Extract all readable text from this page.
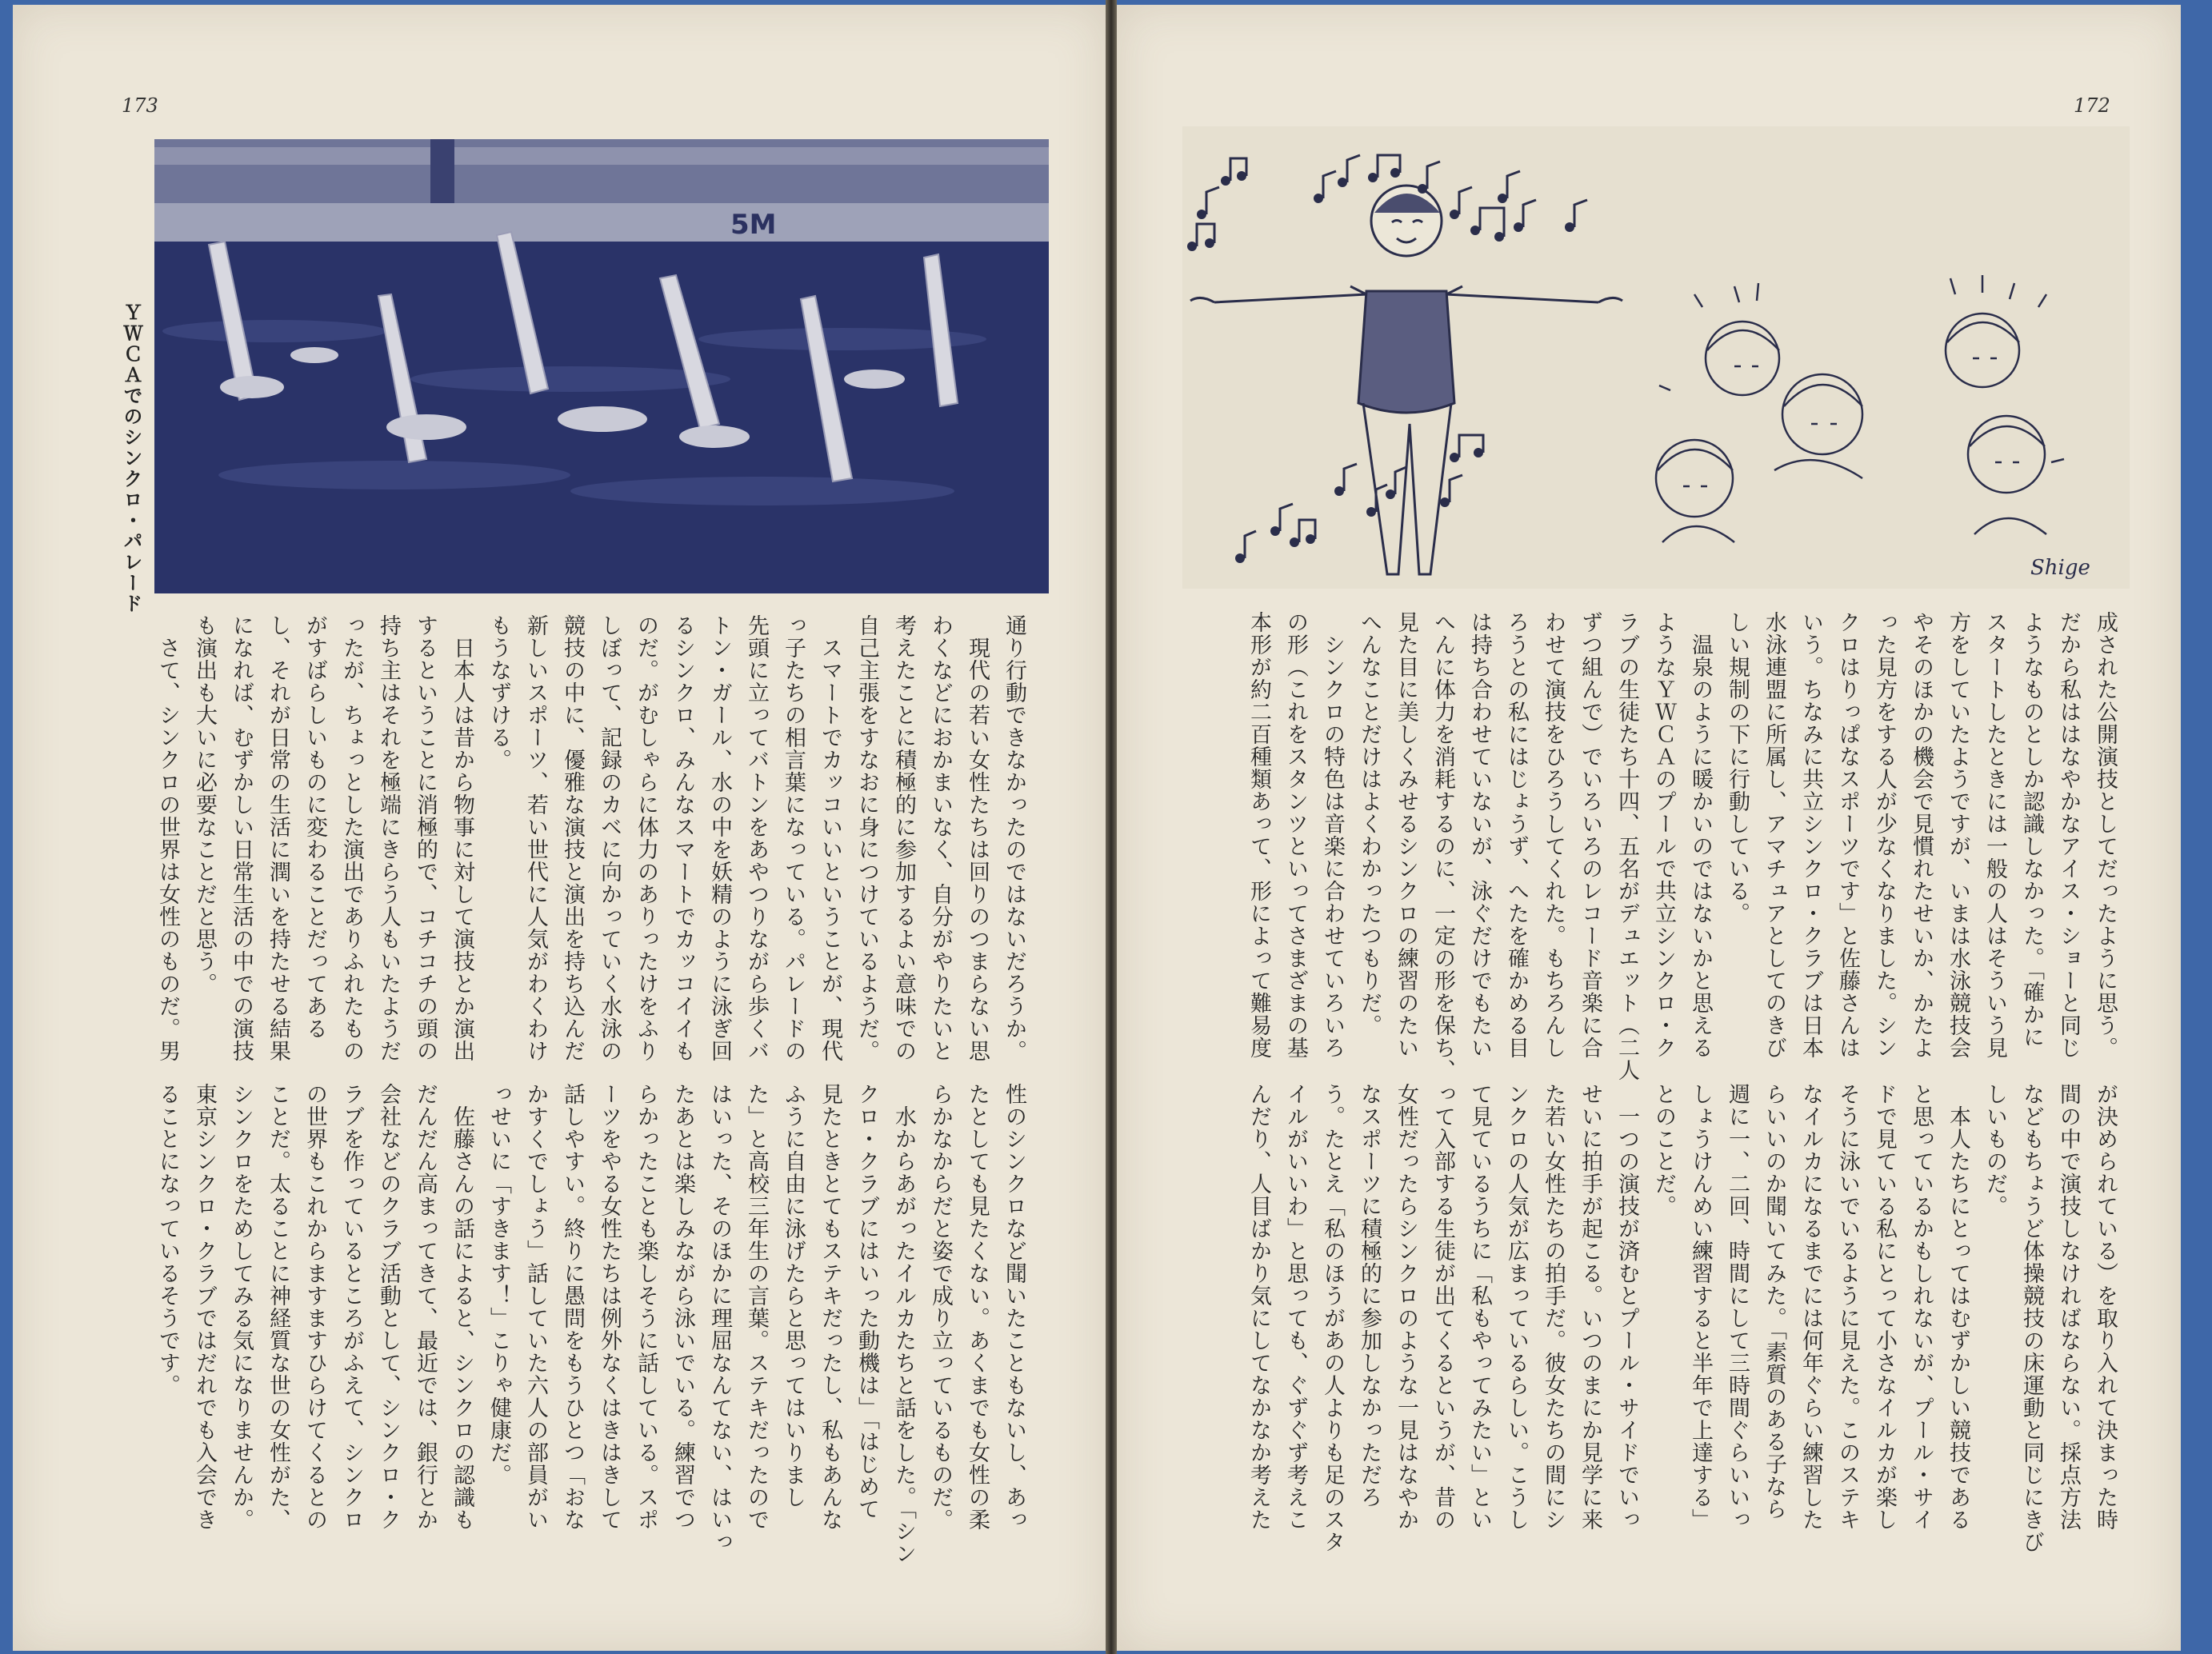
173
5M
ＹＷＣＡでのシンクロ・パレード
通り行動できなかったのではないだろうか。
　現代の若い女性たちは回りのつまらない思
わくなどにおかまいなく、自分がやりたいと
考えたことに積極的に参加するよい意味での
自己主張をすなおに身につけているようだ。
　スマートでカッコいいということが、現代
っ子たちの相言葉になっている。パレードの
先頭に立ってバトンをあやつりながら歩くバ
トン・ガール、水の中を妖精のように泳ぎ回
るシンクロ、みんなスマートでカッコイイも
のだ。がむしゃらに体力のありったけをふり
しぼって、記録のカベに向かっていく水泳の
競技の中に、優雅な演技と演出を持ち込んだ
新しいスポーツ、若い世代に人気がわくわけ
もうなずける。
　日本人は昔から物事に対して演技とか演出
するということに消極的で、コチコチの頭の
持ち主はそれを極端にきらう人もいたようだ
ったが、ちょっとした演出でありふれたもの
がすばらしいものに変わることだってある
し、それが日常の生活に潤いを持たせる結果
になれば、むずかしい日常生活の中での演技
も演出も大いに必要なことだと思う。
　さて、シンクロの世界は女性のものだ。男
性のシンクロなど聞いたこともないし、あっ
たとしても見たくない。あくまでも女性の柔
らかなからだと姿で成り立っているものだ。
　水からあがったイルカたちと話をした。「シン
クロ・クラブにはいった動機は」「はじめて
見たときとてもステキだったし、私もあんな
ふうに自由に泳げたらと思ってはいりまし
た」と高校三年生の言葉。ステキだったので
はいった、そのほかに理屈なんてない、はいっ
たあとは楽しみながら泳いでいる。練習でつ
らかったことも楽しそうに話している。スポ
ーツをやる女性たちは例外なくはきはきして
話しやすい。終りに愚問をもうひとつ「おな
かすくでしょう」話していた六人の部員がい
っせいに「すきます！」こりゃ健康だ。
　佐藤さんの話によると、シンクロの認識も
だんだん高まってきて、最近では、銀行とか
会社などのクラブ活動として、シンクロ・ク
ラブを作っているところがふえて、シンクロ
の世界もこれからますますひらけてくるとの
ことだ。太ることに神経質な世の女性がた、
シンクロをためしてみる気になりませんか。
東京シンクロ・クラブではだれでも入会でき
ることになっているそうです。
172
Shige
成された公開演技としてだったように思う。
だから私ははなやかなアイス・ショーと同じ
ようなものとしか認識しなかった。「確かに
スタートしたときには一般の人はそういう見
方をしていたようですが、いまは水泳競技会
やそのほかの機会で見慣れたせいか、かたよ
った見方をする人が少なくなりました。シン
クロはりっぱなスポーツです」と佐藤さんは
いう。ちなみに共立シンクロ・クラブは日本
水泳連盟に所属し、アマチュアとしてのきび
しい規制の下に行動している。
　温泉のように暖かいのではないかと思える
ようなＹＷＣＡのプールで共立シンクロ・ク
ラブの生徒たち十四、五名がデュエット（二人
ずつ組んで）でいろいろのレコード音楽に合
わせて演技をひろうしてくれた。もちろんし
ろうとの私にはじょうず、へたを確かめる目
は持ち合わせていないが、泳ぐだけでもたい
へんに体力を消耗するのに、一定の形を保ち、
見た目に美しくみせるシンクロの練習のたい
へんなことだけはよくわかったつもりだ。
　シンクロの特色は音楽に合わせていろいろ
の形（これをスタンツといってさまざまの基
本形が約二百種類あって、形によって難易度
が決められている）を取り入れて決まった時
間の中で演技しなければならない。採点方法
などもちょうど体操競技の床運動と同じにきび
しいものだ。
　本人たちにとってはむずかしい競技である
と思っているかもしれないが、プール・サイ
ドで見ている私にとって小さなイルカが楽し
そうに泳いでいるように見えた。このステキ
なイルカになるまでには何年ぐらい練習した
らいいのか聞いてみた。「素質のある子なら
週に一、二回、時間にして三時間ぐらいいっ
しょうけんめい練習すると半年で上達する」
とのことだ。
　一つの演技が済むとプール・サイドでいっ
せいに拍手が起こる。いつのまにか見学に来
た若い女性たちの拍手だ。彼女たちの間にシ
ンクロの人気が広まっているらしい。こうし
て見ているうちに「私もやってみたい」とい
って入部する生徒が出てくるというが、昔の
女性だったらシンクロのような一見はなやか
なスポーツに積極的に参加しなかっただろ
う。たとえ「私のほうがあの人よりも足のスタ
イルがいいわ」と思っても、ぐずぐず考えこ
んだり、人目ばかり気にしてなかなか考えた
